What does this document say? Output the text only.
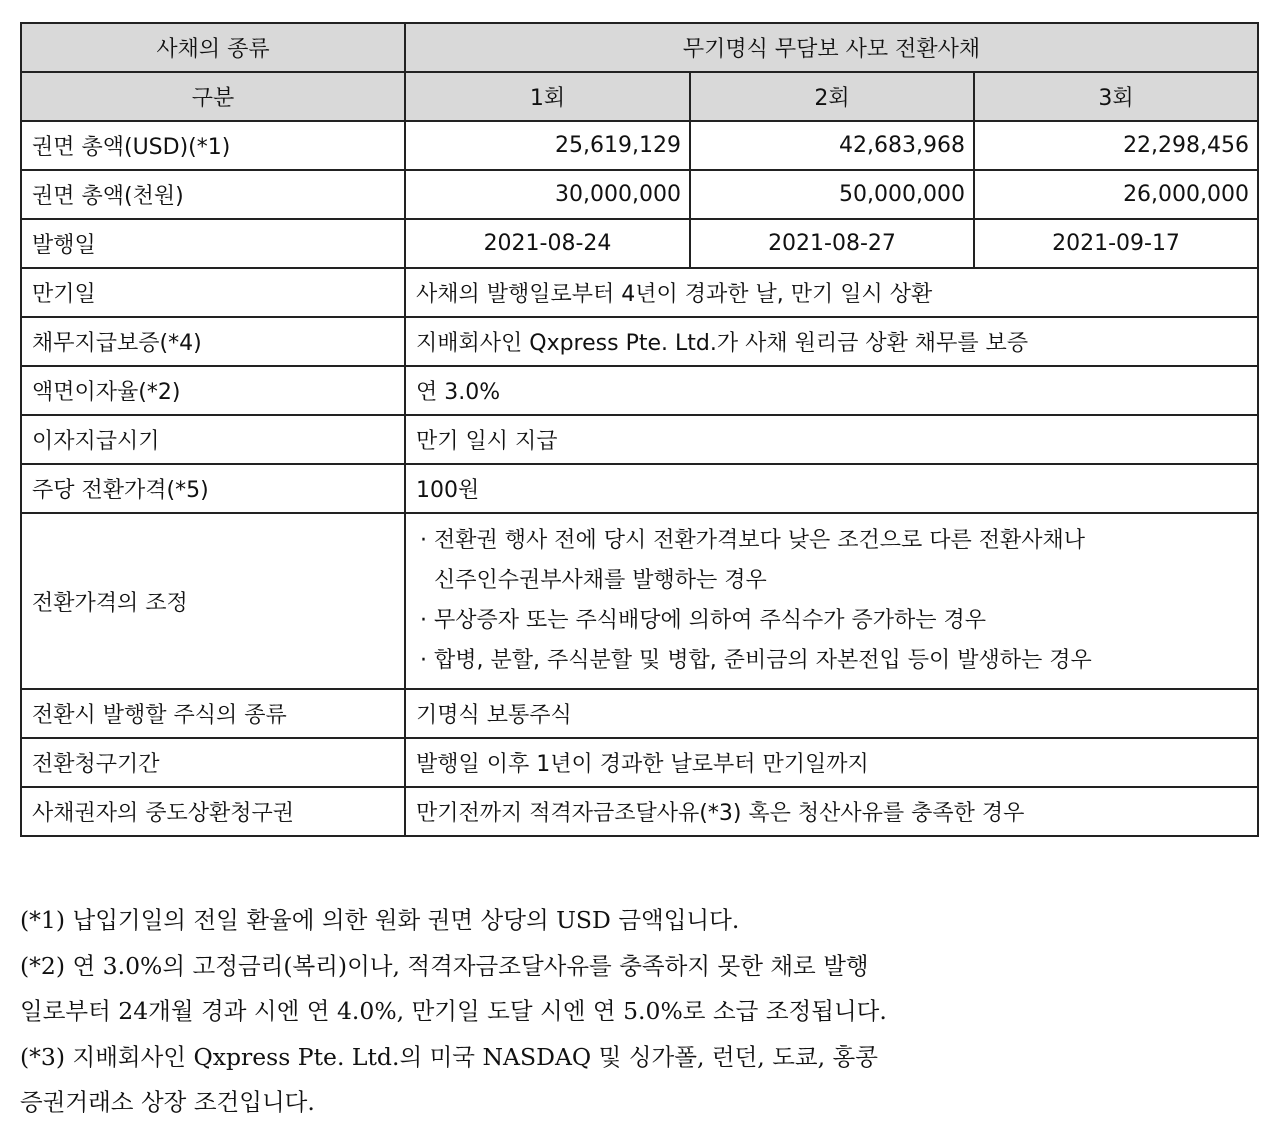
사채의 종류	무기명식 무담보 사모 전환사채		
구분	1회	2회	3회
권면 총액(USD)(*1)	25,619,129	42,683,968	22,298,456
권면 총액(천원)	30,000,000	50,000,000	26,000,000
발행일	2021-08-24	2021-08-27	2021-09-17
만기일	사채의 발행일로부터 4년이 경과한 날, 만기 일시 상환		
채무지급보증(*4)	지배회사인 Qxpress Pte. Ltd.가 사채 원리금 상환 채무를 보증		
액면이자율(*2)	연 3.0%		
이자지급시기	만기 일시 지급		
주당 전환가격(*5)	100원		
전환가격의 조정	· 전환권 행사 전에 당시 전환가격보다 낮은 조건으로 다른 전환사채나
신주인수권부사채를 발행하는 경우
· 무상증자 또는 주식배당에 의하여 주식수가 증가하는 경우
· 합병, 분할, 주식분할 및 병합, 준비금의 자본전입 등이 발생하는 경우		

전환시 발행할 주식의 종류	기명식 보통주식		
전환청구기간	발행일 이후 1년이 경과한 날로부터 만기일까지		
사채권자의 중도상환청구권	만기전까지 적격자금조달사유(*3) 혹은 청산사유를 충족한 경우		
(*1) 납입기일의 전일 환율에 의한 원화 권면 상당의 USD 금액입니다.
(*2) 연 3.0%의 고정금리(복리)이나, 적격자금조달사유를 충족하지 못한 채로 발행
일로부터 24개월 경과 시엔 연 4.0%, 만기일 도달 시엔 연 5.0%로 소급 조정됩니다.
(*3) 지배회사인 Qxpress Pte. Ltd.의 미국 NASDAQ 및 싱가폴, 런던, 도쿄, 홍콩
증권거래소 상장 조건입니다.
